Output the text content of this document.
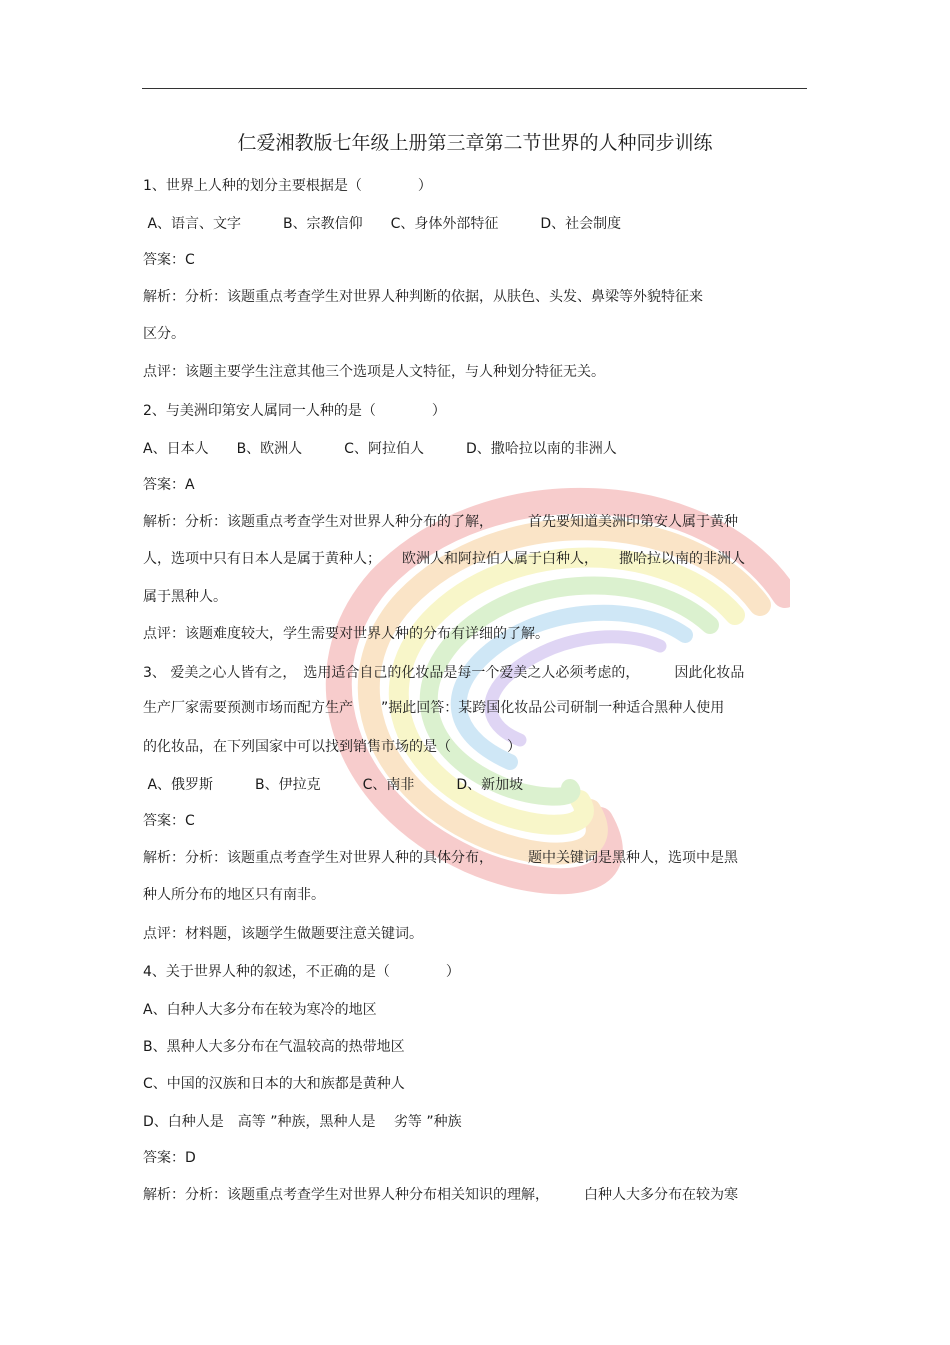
仁爱湘教版七年级上册第三章第二节世界的人种同步训练
1、世界上人种的划分主要根据是（　　　　）
A、语言、文字　　　B、宗教信仰　　C、身体外部特征　　　D、社会制度
答案：C
解析：分析：该题重点考查学生对世界人种判断的依据，从肤色、头发、鼻梁等外貌特征来
区分。
点评：该题主要学生注意其他三个选项是人文特征，与人种划分特征无关。
2、与美洲印第安人属同一人种的是（　　　　）
A、日本人　　B、欧洲人　　　C、阿拉伯人　　　D、撒哈拉以南的非洲人
答案：A
解析：分析：该题重点考查学生对世界人种分布的了解，　　　首先要知道美洲印第安人属于黄种
人，选项中只有日本人是属于黄种人；　　欧洲人和阿拉伯人属于白种人，　　撒哈拉以南的非洲人
属于黑种人。
点评：该题难度较大，学生需要对世界人种的分布有详细的了解。
3、 爱美之心人皆有之，　选用适合自己的化妆品是每一个爱美之人必须考虑的，　　　因此化妆品
生产厂家需要预测市场而配方生产　　”据此回答：某跨国化妆品公司研制一种适合黑种人使用
的化妆品，在下列国家中可以找到销售市场的是（　　　　）
A、俄罗斯　　　B、伊拉克　　　C、南非　　　D、新加坡
答案：C
解析：分析：该题重点考查学生对世界人种的具体分布，　　　题中关键词是黑种人，选项中是黑
种人所分布的地区只有南非。
点评：材料题，该题学生做题要注意关键词。
4、关于世界人种的叙述，不正确的是（　　　　）
A、白种人大多分布在较为寒冷的地区
B、黑种人大多分布在气温较高的热带地区
C、中国的汉族和日本的大和族都是黄种人
D、白种人是　高等 ”种族，黑种人是　 劣等 ”种族
答案：D
解析：分析：该题重点考查学生对世界人种分布相关知识的理解，　　　白种人大多分布在较为寒
